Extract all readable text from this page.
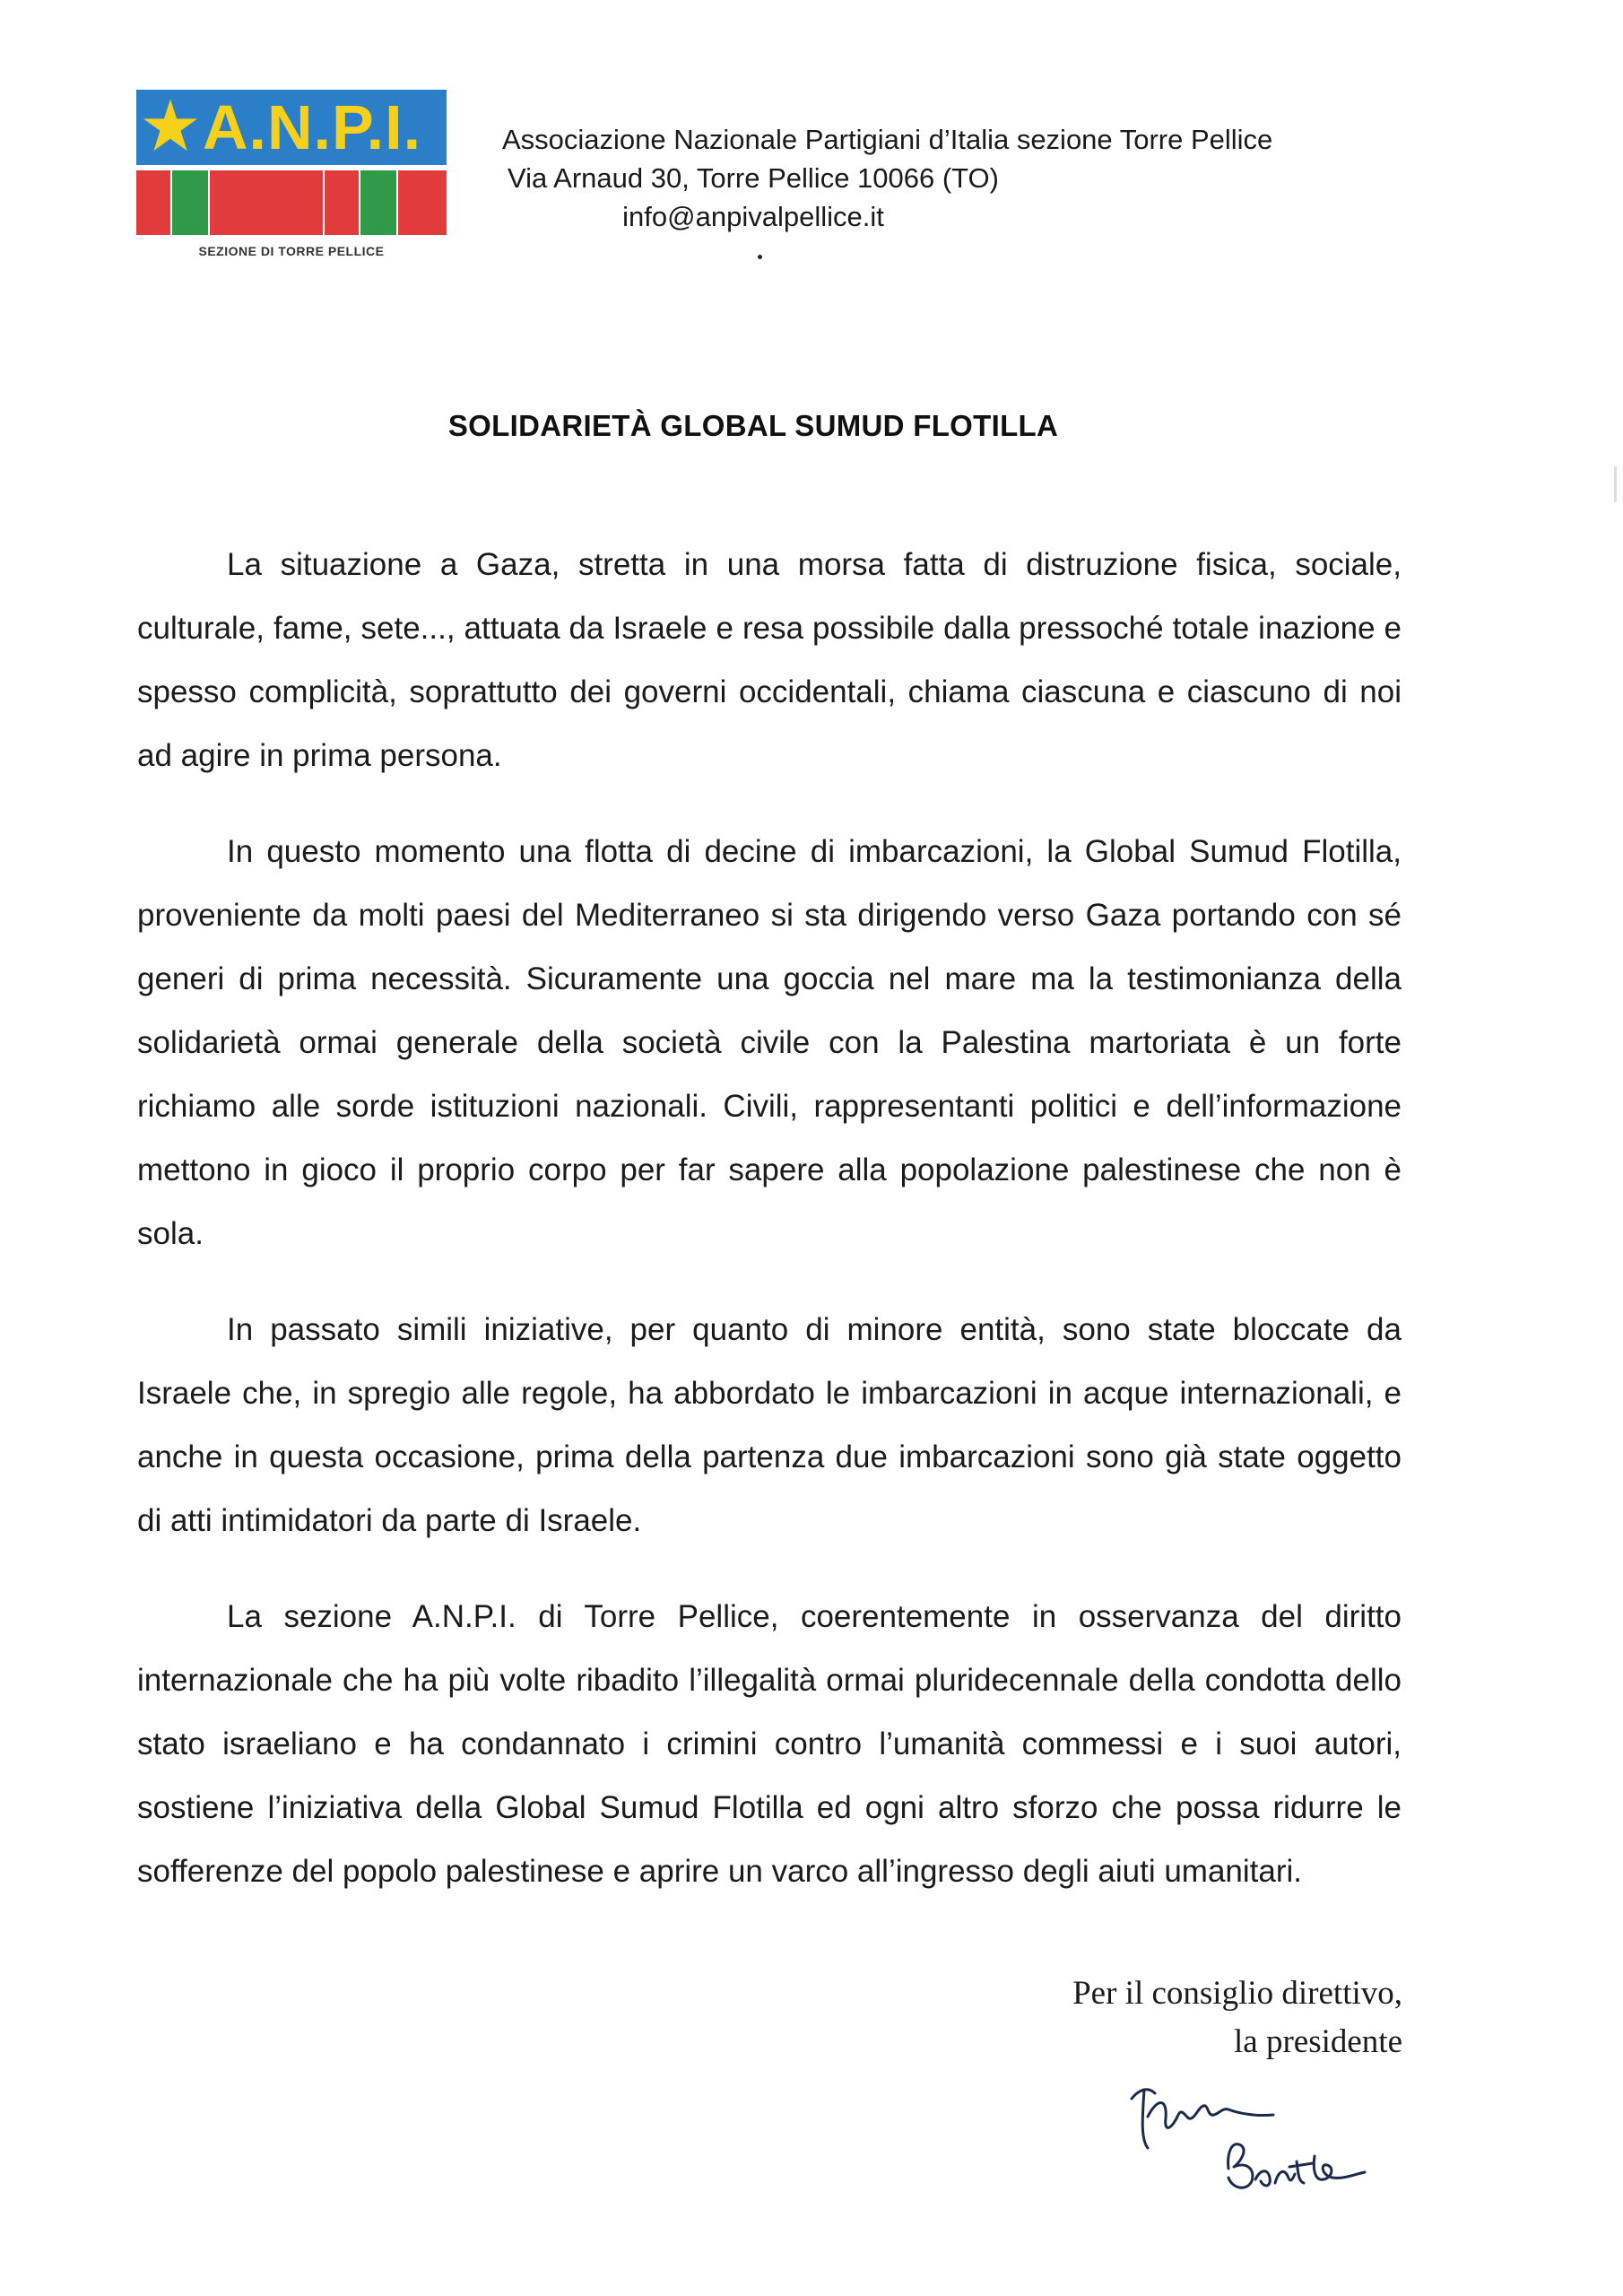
A.N.P.I.
SEZIONE DI TORRE PELLICE
Associazione Nazionale Partigiani d’Italia sezione Torre Pellice
Via Arnaud 30, Torre Pellice 10066 (TO)
info@anpivalpellice.it
SOLIDARIETÀ GLOBAL SUMUD FLOTILLA

La situazione a Gaza, stretta in una morsa fatta di distruzione fisica, sociale, culturale, fame, sete..., attuata da Israele e resa possibile dalla pressoché totale inazione e spesso complicità, soprattutto dei governi occidentali, chiama ciascuna e ciascuno di noi ad agire in prima persona.

In questo momento una flotta di decine di imbarcazioni, la Global Sumud Flotilla, proveniente da molti paesi del Mediterraneo si sta dirigendo verso Gaza portando con sé generi di prima necessità. Sicuramente una goccia nel mare ma la testimonianza della solidarietà ormai generale della società civile con la Palestina martoriata è un forte richiamo alle sorde istituzioni nazionali. Civili, rappresentanti politici e dell’informazione mettono in gioco il proprio corpo per far sapere alla popolazione palestinese che non è sola.

In passato simili iniziative, per quanto di minore entità, sono state bloccate da Israele che, in spregio alle regole, ha abbordato le imbarcazioni in acque internazionali, e anche in questa occasione, prima della partenza due imbarcazioni sono già state oggetto di atti intimidatori da parte di Israele.

La sezione A.N.P.I. di Torre Pellice, coerentemente in osservanza del diritto internazionale che ha più volte ribadito l’illegalità ormai pluridecennale della condotta dello stato israeliano e ha condannato i crimini contro l’umanità commessi e i suoi autori, sostiene l’iniziativa della Global Sumud Flotilla ed ogni altro sforzo che possa ridurre le sofferenze del popolo palestinese e aprire un varco all’ingresso degli aiuti umanitari.

Per il consiglio direttivo,
la presidente
